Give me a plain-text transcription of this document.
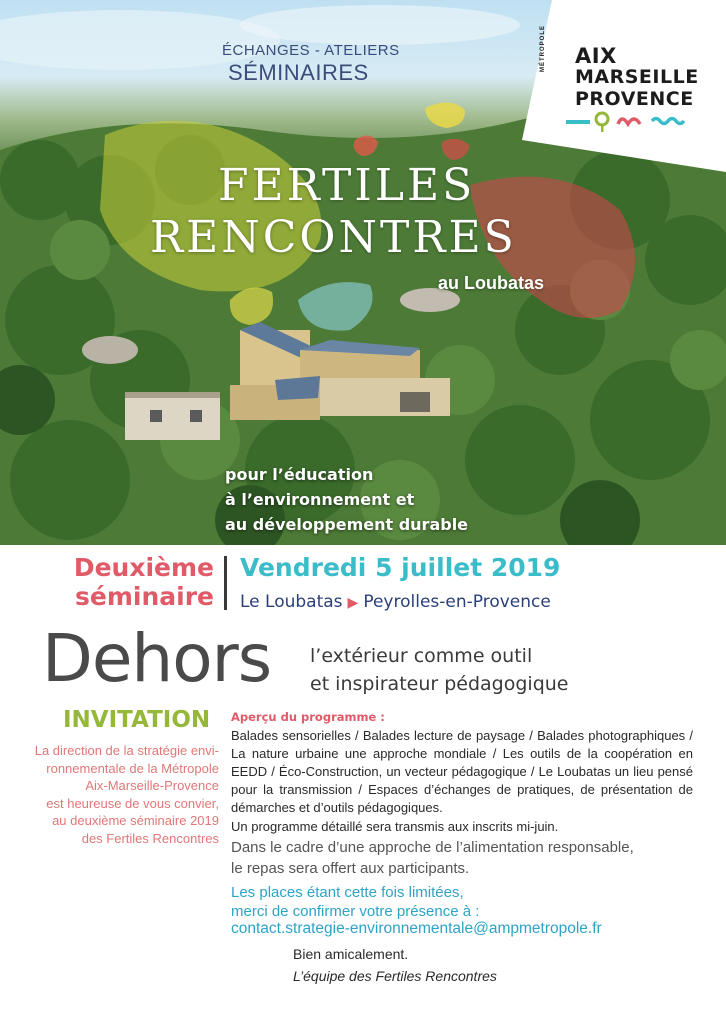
ÉCHANGES - ATELIERS
SÉMINAIRES
FERTILES
RENCONTRES
au Loubatas
pour l’éducation
à l’environnement et
au développement durable
MÉTROPOLE AIX
MARSEILLE
PROVENCE
Deuxième
séminaire
Vendredi 5 juillet 2019
Le Loubatas ▶ Peyrolles-en-Provence
Dehors l’extérieur comme outil
et inspirateur pédagogique
INVITATION
La direction de la stratégie envi-
ronnementale de la Métropole
Aix-Marseille-Provence
est heureuse de vous convier,
au deuxième séminaire 2019
des Fertiles Rencontres
Aperçu du programme :
Balades sensorielles / Balades lecture de paysage / Balades photographiques / La nature urbaine une approche mondiale / Les outils de la coopération en EEDD / Éco-Construction, un vecteur pédagogique / Le Loubatas un lieu pensé pour la transmission / Espaces d’échanges de pratiques, de présentation de démarches et d’outils pédagogiques.
Un programme détaillé sera transmis aux inscrits mi-juin.
Dans le cadre d’une approche de l’alimentation responsable,
le repas sera offert aux participants.
Les places étant cette fois limitées,
merci de confirmer votre présence à :
contact.strategie-environnementale@ampmetropole.fr
Bien amicalement.
L’équipe des Fertiles Rencontres
